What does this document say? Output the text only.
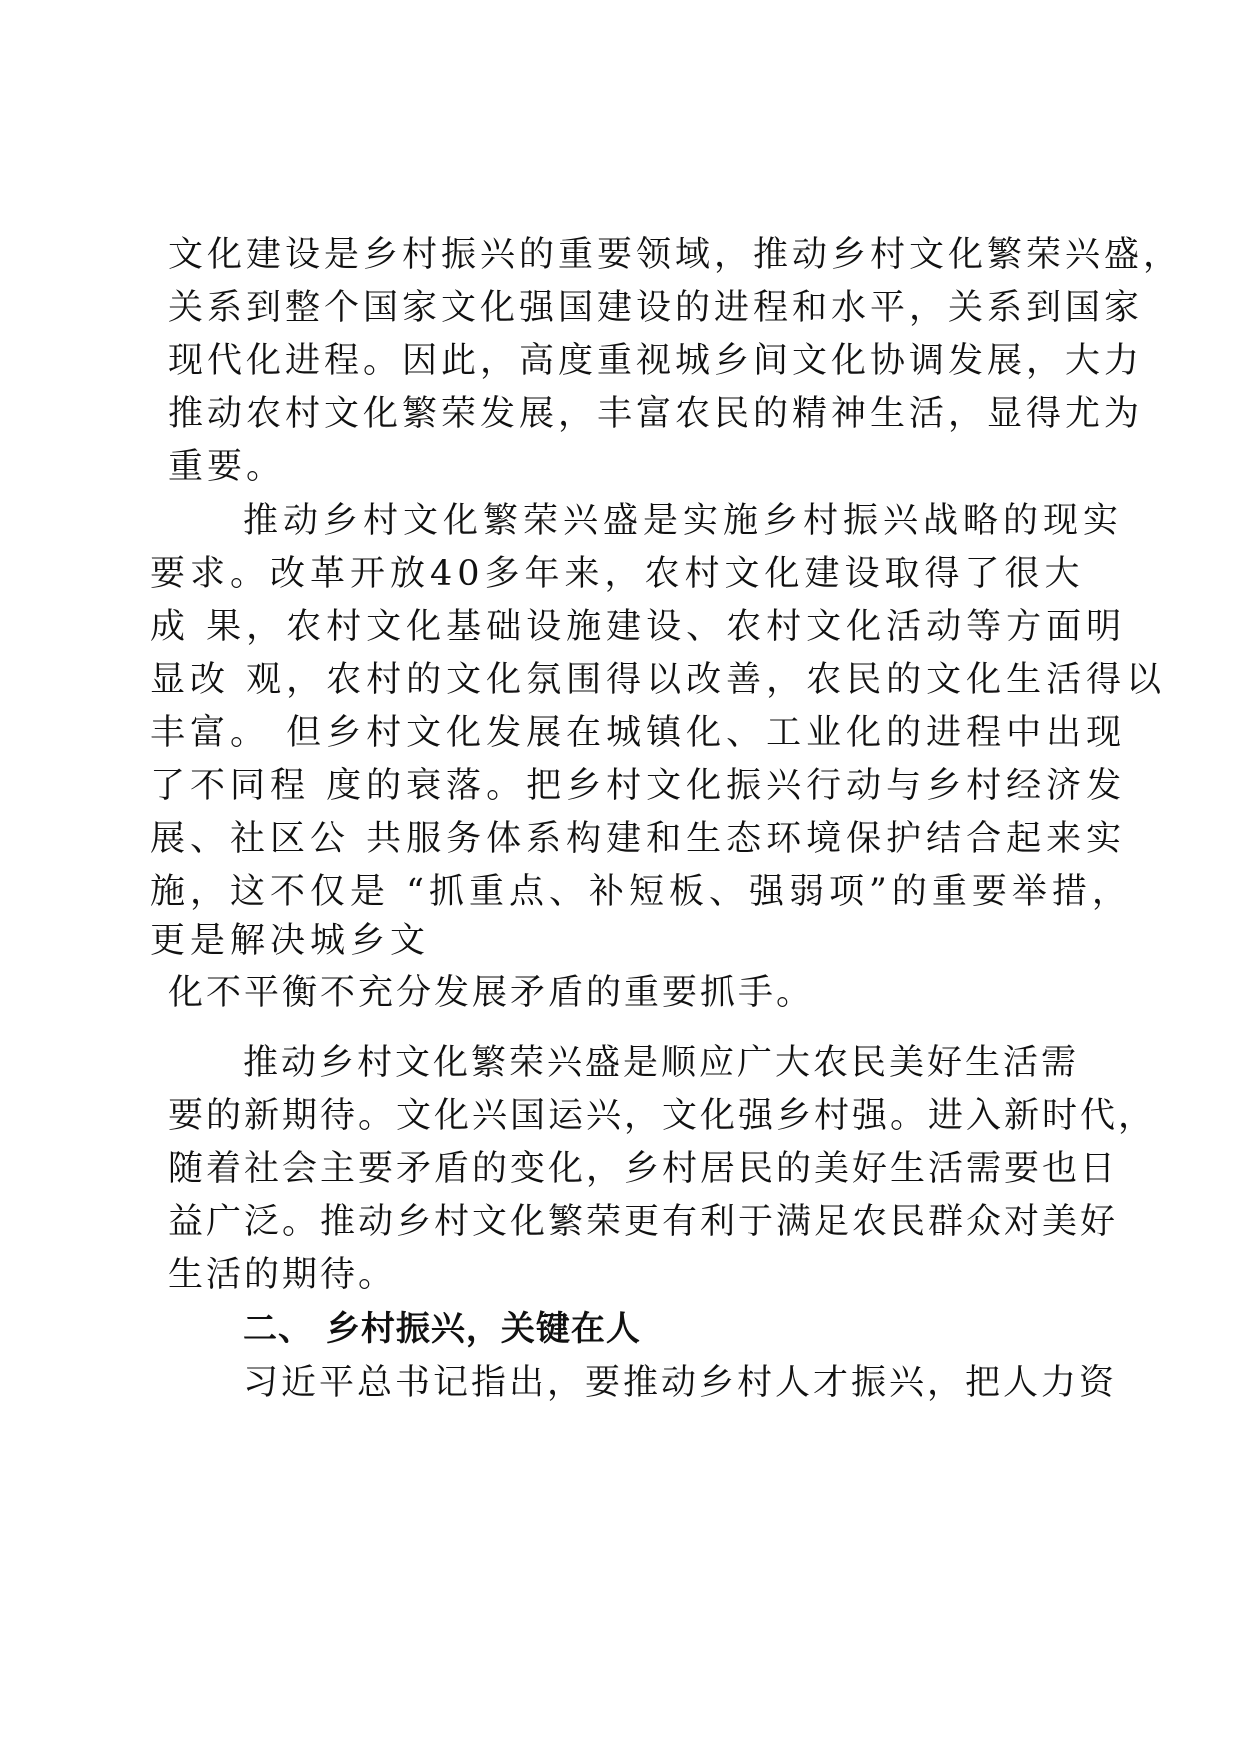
文化建设是乡村振兴的重要领域，推动乡村文化繁荣兴盛，
关系到整个国家文化强国建设的进程和水平，关系到国家
现代化进程。因此，高度重视城乡间文化协调发展，大力
推动农村文化繁荣发展，丰富农民的精神生活，显得尤为
重要。
推动乡村文化繁荣兴盛是实施乡村振兴战略的现实
要求。改革开放40多年来，农村文化建设取得了很大
成 果，农村文化基础设施建设、农村文化活动等方面明
显改 观，农村的文化氛围得以改善，农民的文化生活得以
丰富。 但乡村文化发展在城镇化、工业化的进程中出现
了不同程 度的衰落。把乡村文化振兴行动与乡村经济发
展、社区公 共服务体系构建和生态环境保护结合起来实
施，这不仅是 “抓重点、补短板、强弱项”的重要举措，
更是解决城乡文
化不平衡不充分发展矛盾的重要抓手。
推动乡村文化繁荣兴盛是顺应广大农民美好生活需
要的新期待。文化兴国运兴，文化强乡村强。进入新时代，
随着社会主要矛盾的变化，乡村居民的美好生活需要也日
益广泛。推动乡村文化繁荣更有利于满足农民群众对美好
生活的期待。
二、 乡村振兴，关键在人
习近平总书记指出，要推动乡村人才振兴，把人力资
